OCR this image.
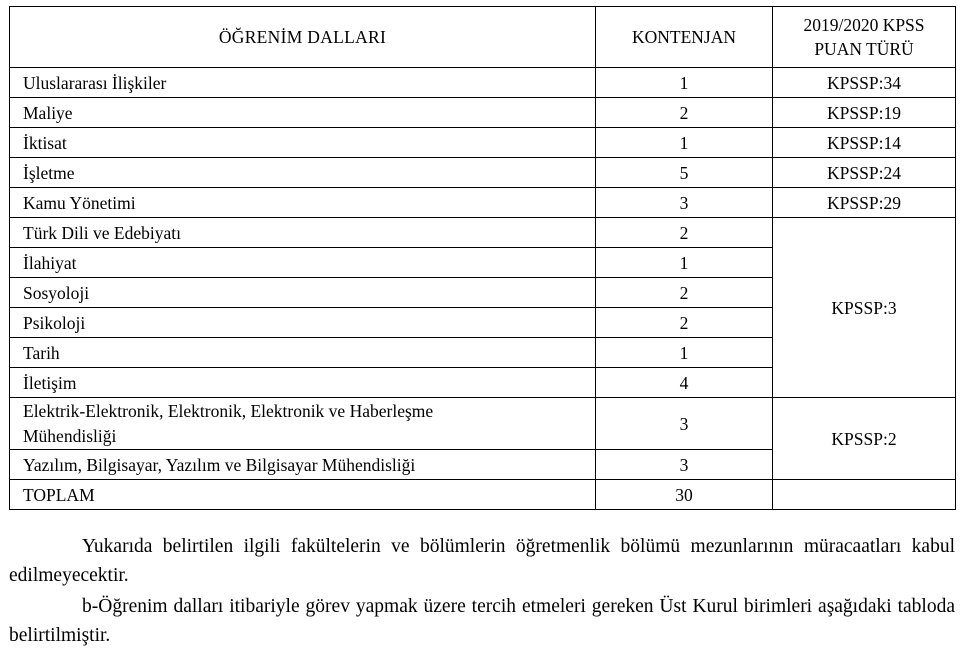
ÖĞRENİM DALLARI	KONTENJAN	2019/2020 KPSS
PUAN TÜRÜ
Uluslararası İlişkiler	1	KPSSP:34
Maliye	2	KPSSP:19
İktisat	1	KPSSP:14
İşletme	5	KPSSP:24
Kamu Yönetimi	3	KPSSP:29
Türk Dili ve Edebiyatı	2	KPSSP:3
İlahiyat	1	
Sosyoloji	2	
Psikoloji	2	
Tarih	1	
İletişim	4	
Elektrik-Elektronik, Elektronik, Elektronik ve Haberleşme
Mühendisliği	3	KPSSP:2
Yazılım, Bilgisayar, Yazılım ve Bilgisayar Mühendisliği	3	
TOPLAM	30	

Yukarıda belirtilen ilgili fakültelerin ve bölümlerin öğretmenlik bölümü mezunlarının müracaatları kabul edilmeyecektir.

b-Öğrenim dalları itibariyle görev yapmak üzere tercih etmeleri gereken Üst Kurul birimleri aşağıdaki tabloda belirtilmiştir.
